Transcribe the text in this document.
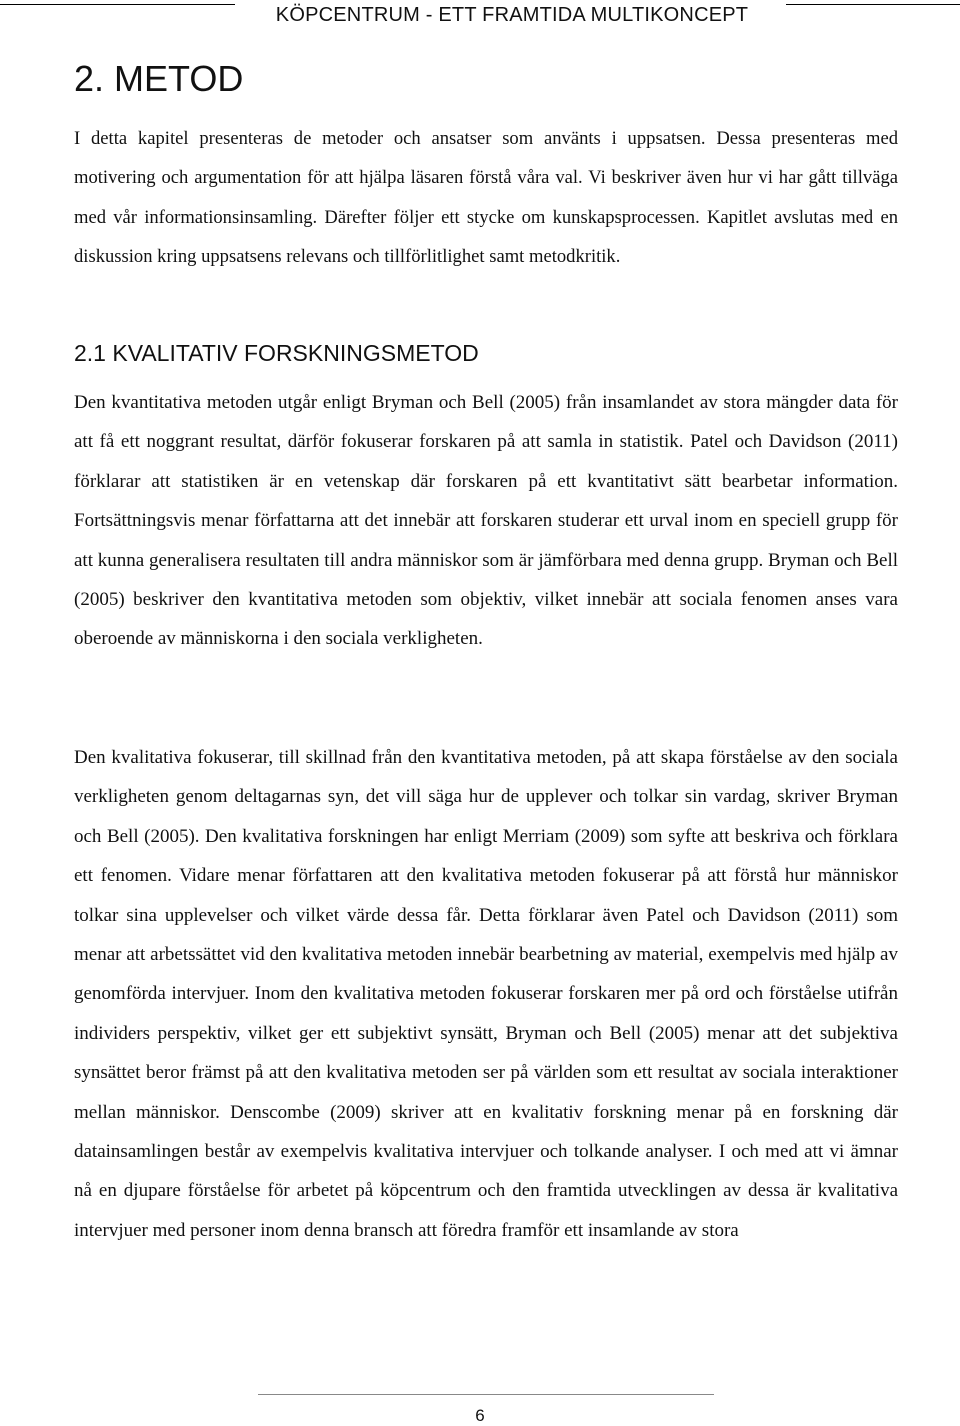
KÖPCENTRUM - ETT FRAMTIDA MULTIKONCEPT
2. METOD

I detta kapitel presenteras de metoder och ansatser som använts i uppsatsen. Dessa presenteras med motivering och argumentation för att hjälpa läsaren förstå våra val. Vi beskriver även hur vi har gått tillväga med vår informationsinsamling. Därefter följer ett stycke om kunskapsprocessen. Kapitlet avslutas med en diskussion kring uppsatsens relevans och tillförlitlighet samt metodkritik.

2.1 KVALITATIV FORSKNINGSMETOD

Den kvantitativa metoden utgår enligt Bryman och Bell (2005) från insamlandet av stora mängder data för att få ett noggrant resultat, därför fokuserar forskaren på att samla in statistik. Patel och Davidson (2011) förklarar att statistiken är en vetenskap där forskaren på ett kvantitativt sätt bearbetar information. Fortsättningsvis menar författarna att det innebär att forskaren studerar ett urval inom en speciell grupp för att kunna generalisera resultaten till andra människor som är jämförbara med denna grupp. Bryman och Bell (2005) beskriver den kvantitativa metoden som objektiv, vilket innebär att sociala fenomen anses vara oberoende av människorna i den sociala verkligheten.

Den kvalitativa fokuserar, till skillnad från den kvantitativa metoden, på att skapa förståelse av den sociala verkligheten genom deltagarnas syn, det vill säga hur de upplever och tolkar sin vardag, skriver Bryman och Bell (2005). Den kvalitativa forskningen har enligt Merriam (2009) som syfte att beskriva och förklara ett fenomen. Vidare menar författaren att den kvalitativa metoden fokuserar på att förstå hur människor tolkar sina upplevelser och vilket värde dessa får. Detta förklarar även Patel och Davidson (2011) som menar att arbetssättet vid den kvalitativa metoden innebär bearbetning av material, exempelvis med hjälp av genomförda intervjuer. Inom den kvalitativa metoden fokuserar forskaren mer på ord och förståelse utifrån individers perspektiv, vilket ger ett subjektivt synsätt, Bryman och Bell (2005) menar att det subjektiva synsättet beror främst på att den kvalitativa metoden ser på världen som ett resultat av sociala interaktioner mellan människor. Denscombe (2009) skriver att en kvalitativ forskning menar på en forskning där datainsamlingen består av exempelvis kvalitativa intervjuer och tolkande analyser. I och med att vi ämnar nå en djupare förståelse för arbetet på köpcentrum och den framtida utvecklingen av dessa är kvalitativa intervjuer med personer inom denna bransch att föredra framför ett insamlande av stora

6
